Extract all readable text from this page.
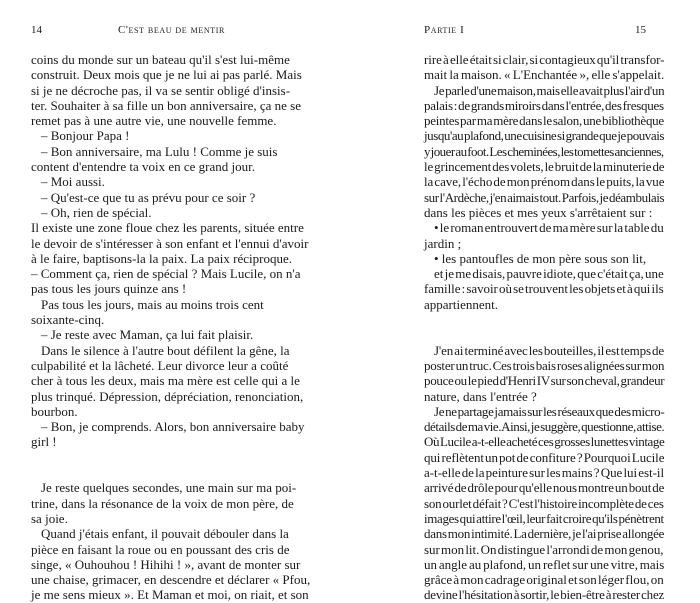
14	C'est beau de mentir
coins du monde sur un bateau qu'il s'est lui-même
construit. Deux mois que je ne lui ai pas parlé. Mais
si je ne décroche pas, il va se sentir obligé d'insis-
ter. Souhaiter à sa fille un bon anniversaire, ça ne se
remet pas à une autre vie, une nouvelle femme.
– Bonjour Papa !
– Bon anniversaire, ma Lulu ! Comme je suis
content d'entendre ta voix en ce grand jour.
– Moi aussi.
– Qu'est-ce que tu as prévu pour ce soir ?
– Oh, rien de spécial.
Il existe une zone floue chez les parents, située entre
le devoir de s'intéresser à son enfant et l'ennui d'avoir
à le faire, baptisons-la la paix. La paix réciproque.
– Comment ça, rien de spécial ? Mais Lucile, on n'a
pas tous les jours quinze ans !
Pas tous les jours, mais au moins trois cent
soixante-cinq.
– Je reste avec Maman, ça lui fait plaisir.
Dans le silence à l'autre bout défilent la gêne, la
culpabilité et la lâcheté. Leur divorce leur a coûté
cher à tous les deux, mais ma mère est celle qui a le
plus trinqué. Dépression, dépréciation, renonciation,
bourbon.
– Bon, je comprends. Alors, bon anniversaire baby
girl !
Je reste quelques secondes, une main sur ma poi-
trine, dans la résonance de la voix de mon père, de
sa joie.
Quand j'étais enfant, il pouvait débouler dans la
pièce en faisant la roue ou en poussant des cris de
singe, « Ouhouhou ! Hihihi ! », avant de monter sur
une chaise, grimacer, en descendre et déclarer « Pfou,
je me sens mieux ». Et Maman et moi, on riait, et son
Partie I	15
rire à elle était si clair, si contagieux qu'il transfor-
mait la maison. « L'Enchantée », elle s'appelait.
Je parle d'une maison, mais elle avait plus l'air d'un
palais : de grands miroirs dans l'entrée, des fresques
peintes par ma mère dans le salon, une bibliothèque
jusqu'au plafond, une cuisine si grande que je pouvais
y jouer au foot. Les cheminées, les tomettes anciennes,
le grincement des volets, le bruit de la minuterie de
la cave, l'écho de mon prénom dans le puits, la vue
sur l'Ardèche, j'en aimais tout. Parfois, je déambulais
dans les pièces et mes yeux s'arrêtaient sur :
• le roman entrouvert de ma mère sur la table du
jardin ;
• les pantoufles de mon père sous son lit,
et je me disais, pauvre idiote, que c'était ça, une
famille : savoir où se trouvent les objets et à qui ils
appartiennent.
J'en ai terminé avec les bouteilles, il est temps de
poster un truc. Ces trois bais roses alignées sur mon
pouce ou le pied d'Henri IV sur son cheval, grandeur
nature, dans l'entrée ?
Je ne partage jamais sur les réseaux que des micro-
détails de ma vie. Ainsi, je suggère, questionne, attise.
Où Lucile a-t-elle acheté ces grosses lunettes vintage
qui reflètent un pot de confiture ? Pourquoi Lucile
a-t-elle de la peinture sur les mains ? Que lui est-il
arrivé de drôle pour qu'elle nous montre un bout de
son ourlet défait ? C'est l'histoire incomplète de ces
images qui attire l'œil, leur fait croire qu'ils pénètrent
dans mon intimité. La dernière, je l'ai prise allongée
sur mon lit. On distingue l'arrondi de mon genou,
un angle au plafond, un reflet sur une vitre, mais
grâce à mon cadrage original et son léger flou, on
devine l'hésitation à sortir, le bien-être à rester chez
